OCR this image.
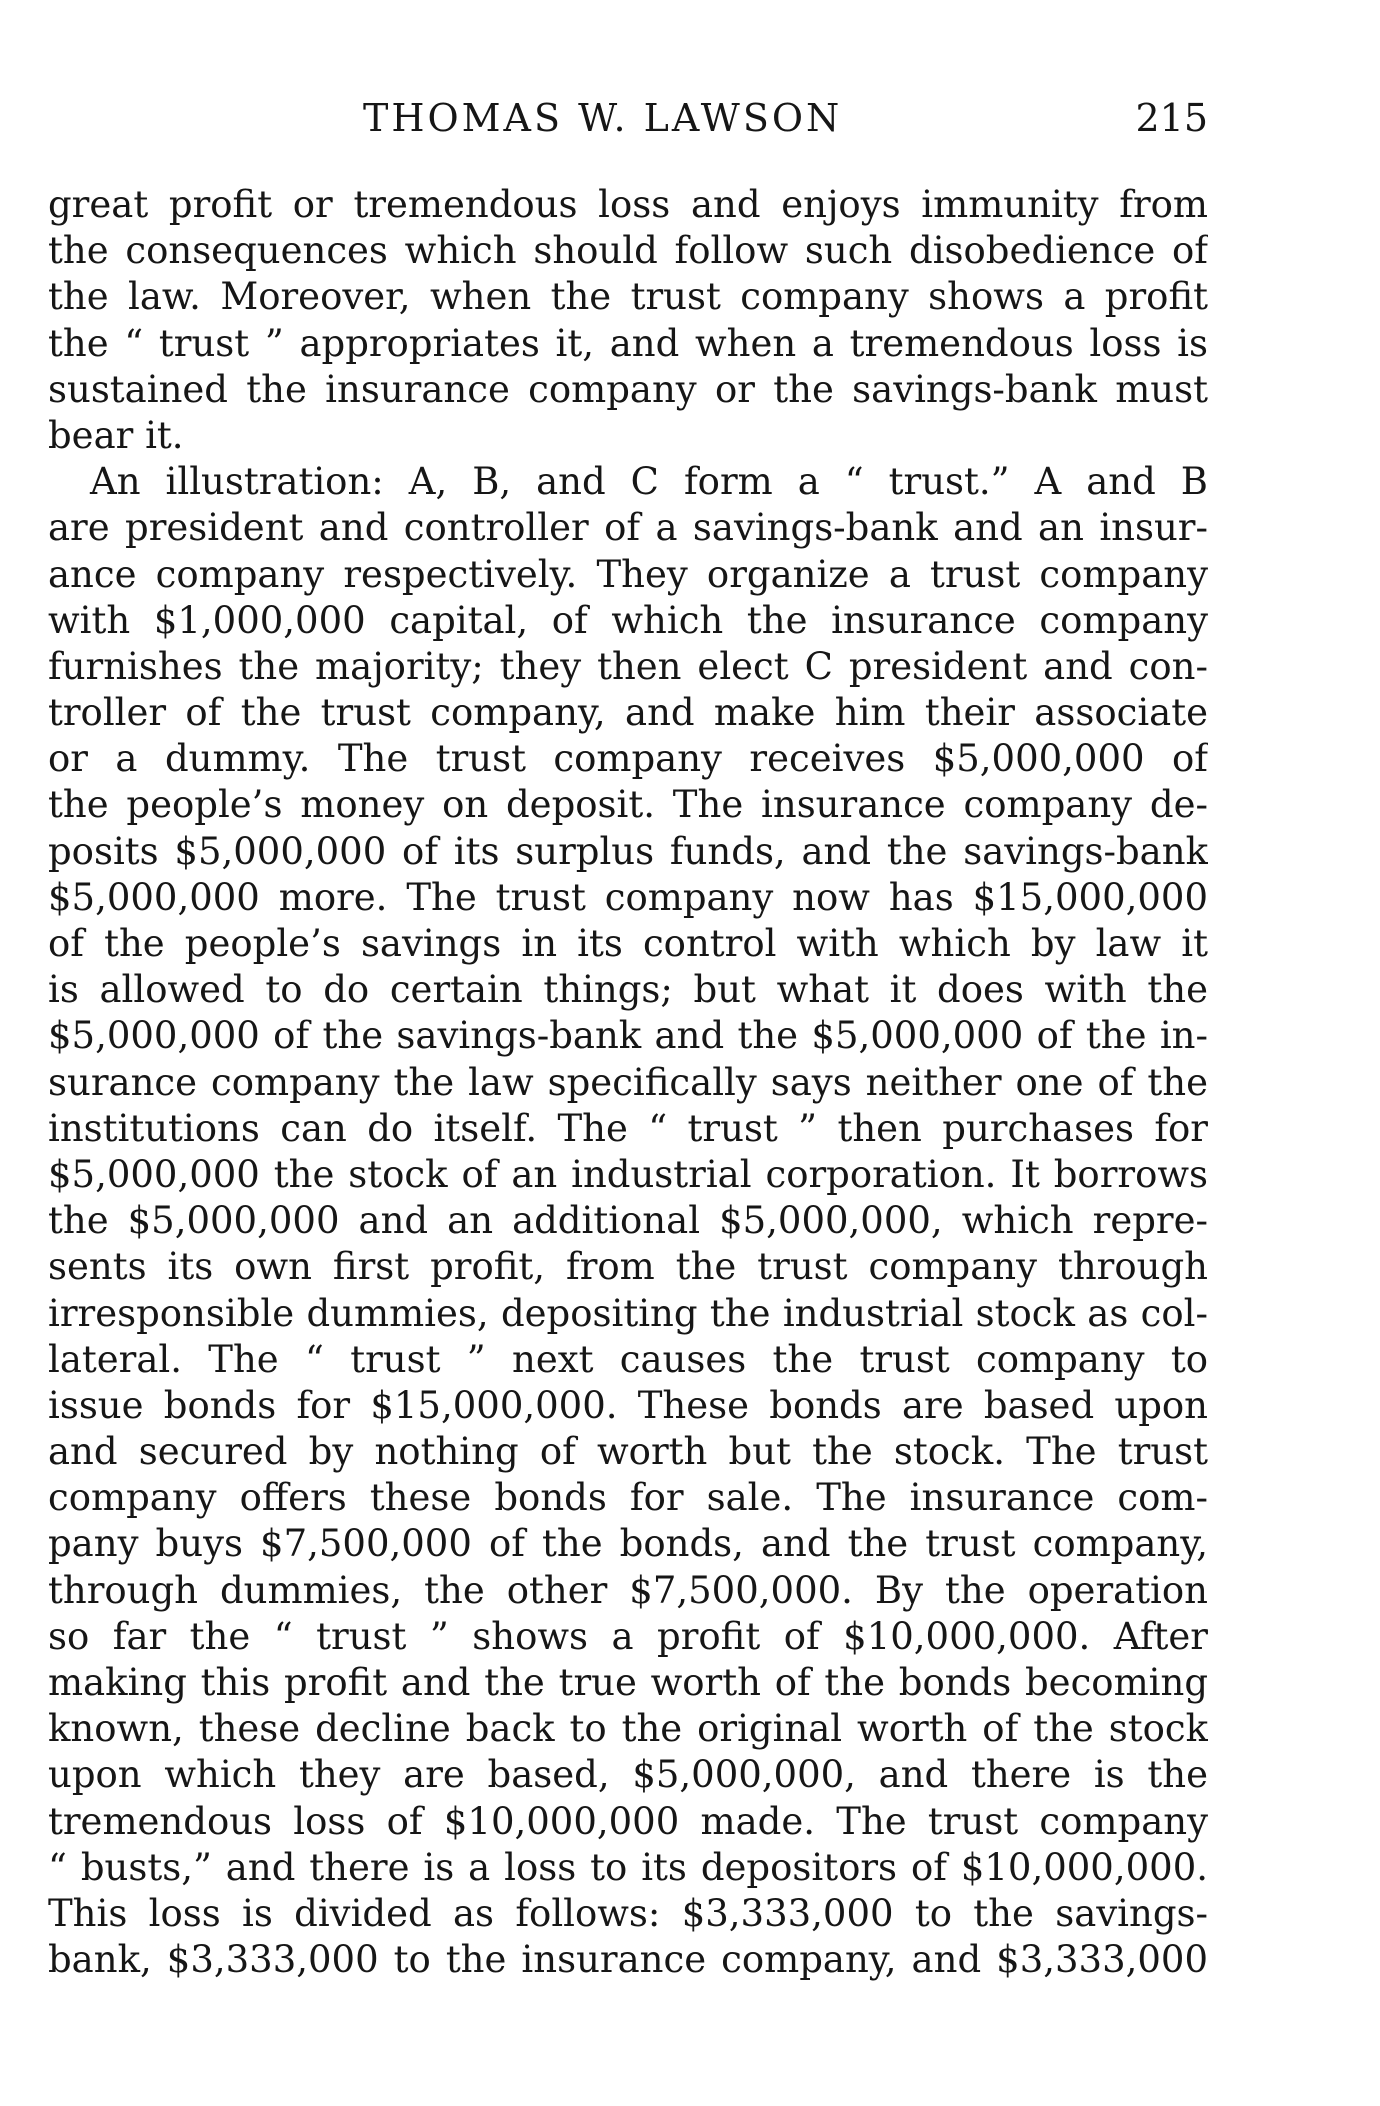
THOMAS W. LAWSON	215
great profit or tremendous loss and enjoys immunity from
the consequences which should follow such disobedience of
the law. Moreover, when the trust company shows a profit
the “ trust ” appropriates it, and when a tremendous loss is
sustained the insurance company or the savings-bank must
bear it.
An illustration: A, B, and C form a “ trust.” A and B
are president and controller of a savings-bank and an insur-
ance company respectively. They organize a trust company
with $1,000,000 capital, of which the insurance company
furnishes the majority; they then elect C president and con-
troller of the trust company, and make him their associate
or a dummy. The trust company receives $5,000,000 of
the people’s money on deposit. The insurance company de-
posits $5,000,000 of its surplus funds, and the savings-bank
$5,000,000 more. The trust company now has $15,000,000
of the people’s savings in its control with which by law it
is allowed to do certain things; but what it does with the
$5,000,000 of the savings-bank and the $5,000,000 of the in-
surance company the law specifically says neither one of the
institutions can do itself. The “ trust ” then purchases for
$5,000,000 the stock of an industrial corporation. It borrows
the $5,000,000 and an additional $5,000,000, which repre-
sents its own first profit, from the trust company through
irresponsible dummies, depositing the industrial stock as col-
lateral. The “ trust ” next causes the trust company to
issue bonds for $15,000,000. These bonds are based upon
and secured by nothing of worth but the stock. The trust
company offers these bonds for sale. The insurance com-
pany buys $7,500,000 of the bonds, and the trust company,
through dummies, the other $7,500,000. By the operation
so far the “ trust ” shows a profit of $10,000,000. After
making this profit and the true worth of the bonds becoming
known, these decline back to the original worth of the stock
upon which they are based, $5,000,000, and there is the
tremendous loss of $10,000,000 made. The trust company
“ busts,” and there is a loss to its depositors of $10,000,000.
This loss is divided as follows: $3,333,000 to the savings-
bank, $3,333,000 to the insurance company, and $3,333,000
